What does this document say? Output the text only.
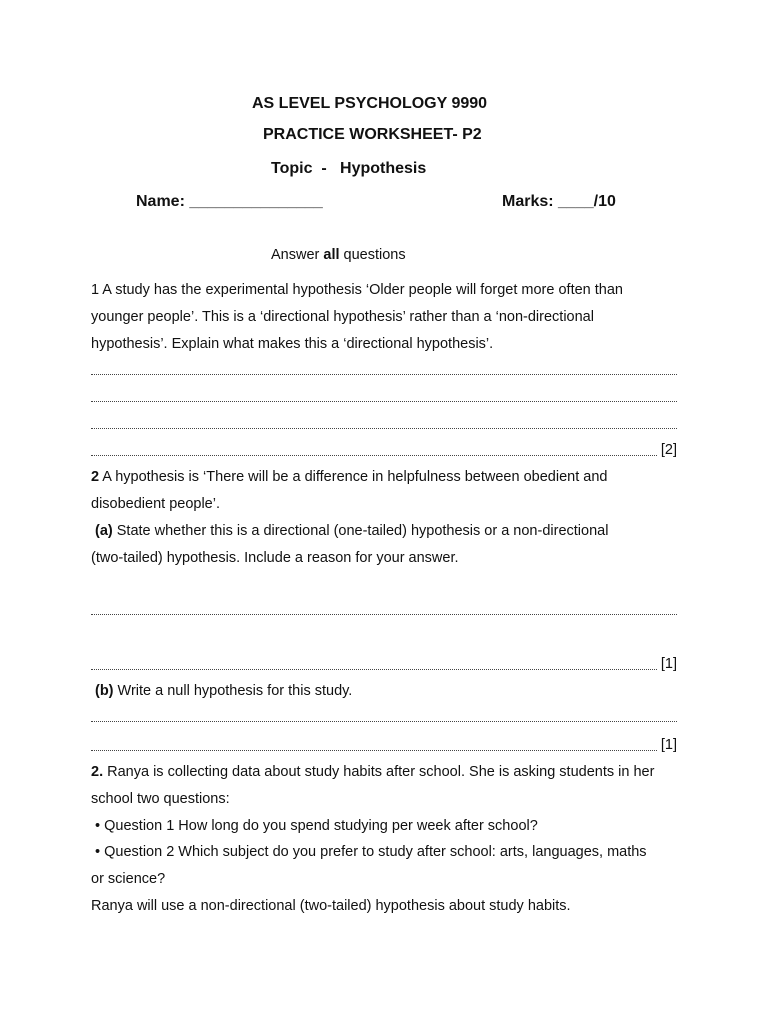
AS LEVEL PSYCHOLOGY 9990
PRACTICE WORKSHEET- P2
Topic  -   Hypothesis
Name: _______________	Marks: ____/10
Answer all questions
1 A study has the experimental hypothesis ‘Older people will forget more often than
younger people’. This is a ‘directional hypothesis’ rather than a ‘non-directional
hypothesis’. Explain what makes this a ‘directional hypothesis’.
[2]
2 A hypothesis is ‘There will be a difference in helpfulness between obedient and
disobedient people’.
(a) State whether this is a directional (one-tailed) hypothesis or a non-directional
(two-tailed) hypothesis. Include a reason for your answer.
[1]
(b) Write a null hypothesis for this study.
[1]
2. Ranya is collecting data about study habits after school. She is asking students in her
school two questions:
• Question 1 How long do you spend studying per week after school?
• Question 2 Which subject do you prefer to study after school: arts, languages, maths
or science?
Ranya will use a non-directional (two-tailed) hypothesis about study habits.
